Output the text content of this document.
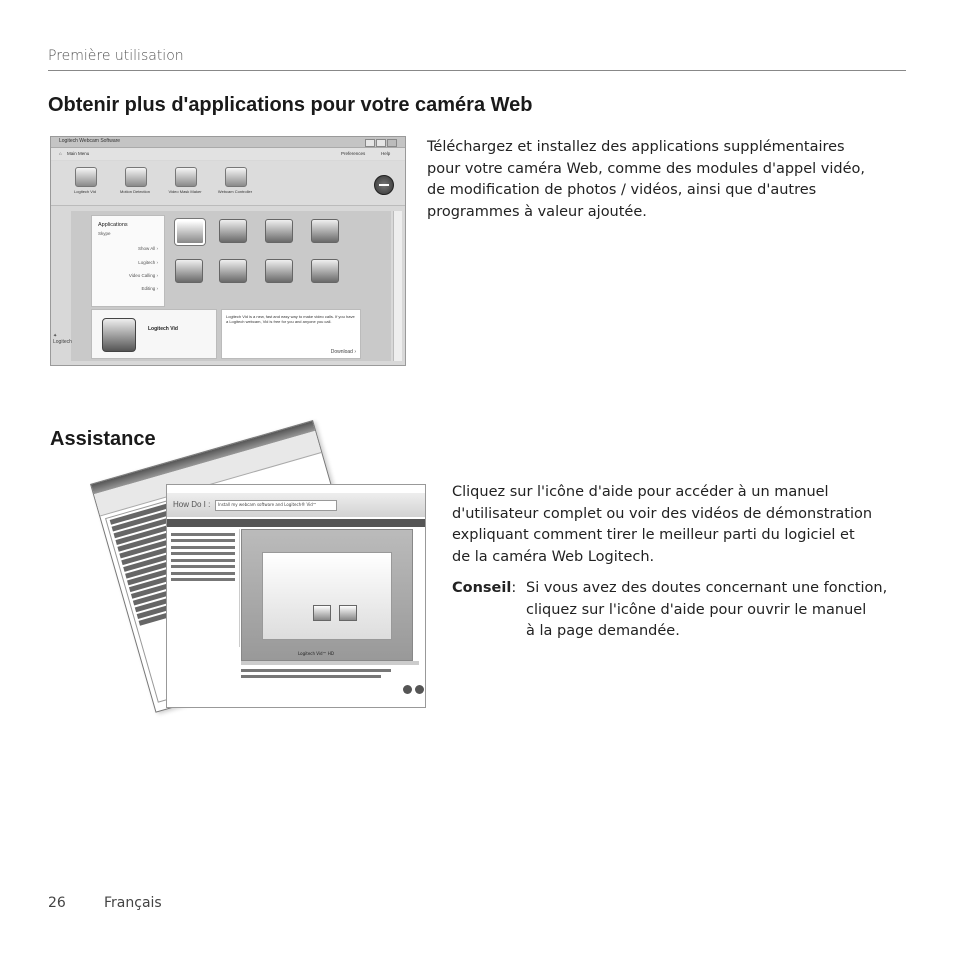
Première utilisation
Obtenir plus d'applications pour votre caméra Web
Logitech Webcam Software
⌂ Main Menu	Preferences	Help
Logitech Vid	Motion Detection	Video Mask Maker	Webcam Controller
Applications
Skype
Show All ›
Logitech ›
Video Calling ›
Editing ›
Logitech Vid
Logitech Vid is a new, fast and easy way to make video calls. If you have a Logitech webcam, Vid is free for you and anyone you call.
Download ›
✦
Logitech
Téléchargez et installez des applications supplémentaires
pour votre caméra Web, comme des modules d'appel vidéo,
de modification de photos / vidéos, ainsi que d'autres
programmes à valeur ajoutée.
Assistance
How Do I : Install my webcam software and Logitech® Vid™
Logitech Vid™ HD
Cliquez sur l'icône d'aide pour accéder à un manuel
d'utilisateur complet ou voir des vidéos de démonstration
expliquant comment tirer le meilleur parti du logiciel et
de la caméra Web Logitech.
Conseil: Si vous avez des doutes concernant une fonction,
cliquez sur l'icône d'aide pour ouvrir le manuel
à la page demandée.
26	Français
